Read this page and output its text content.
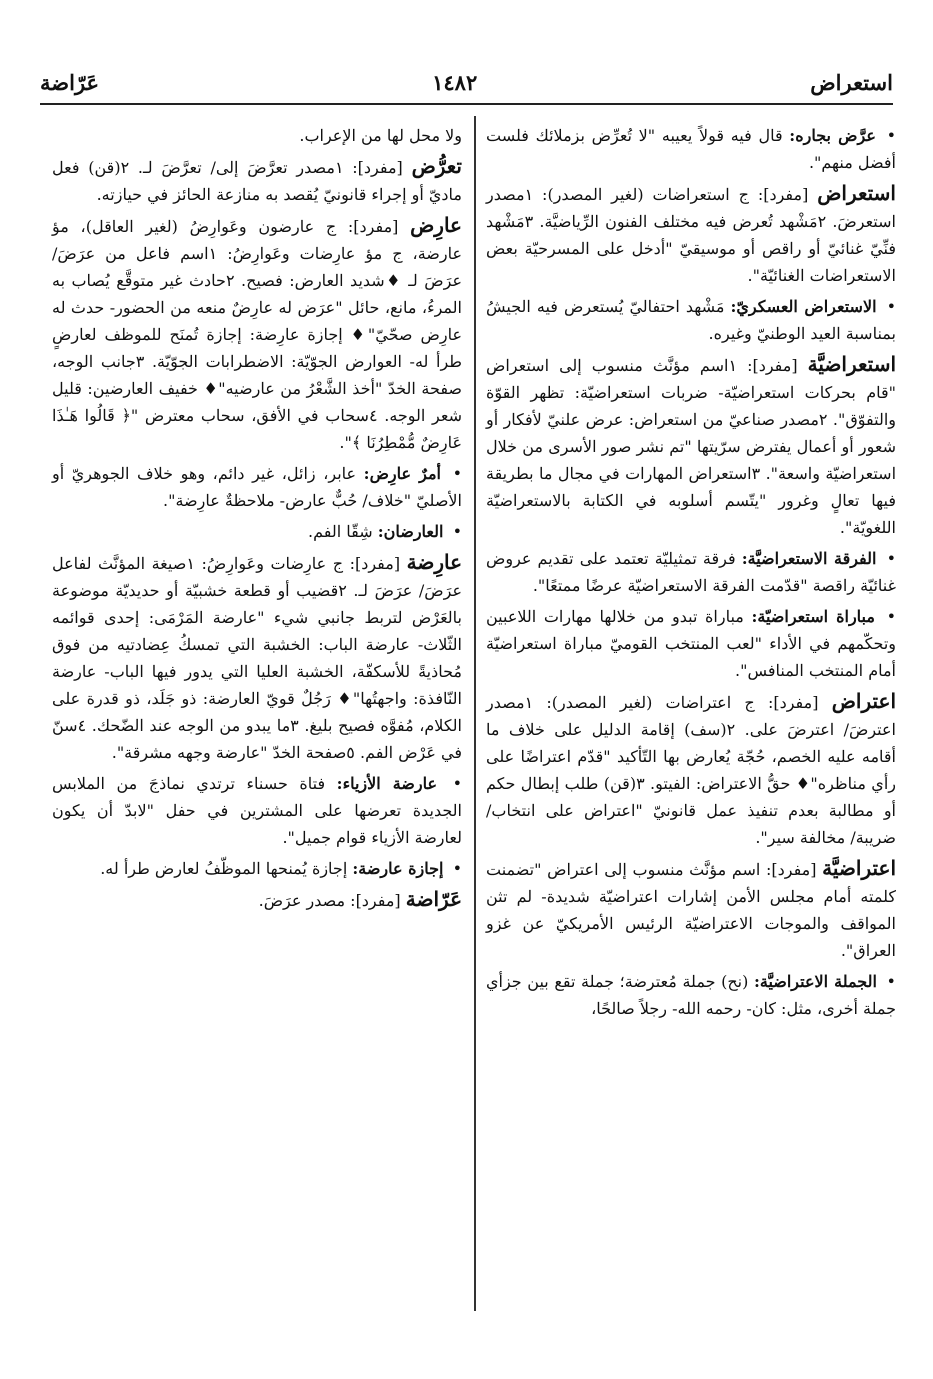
استعراض
١٤٨٢
عَرّاضة

• عرَّض بجاره: قال فيه قولاً يعيبه "لا تُعرِّض بزملائك فلست أفضل منهم".

استعراض [مفرد]: ج استعراضات (لغير المصدر): ١مصدر استعرضَ. ٢مَشْهد تُعرض فيه مختلف الفنون الرِّياضيَّة. ٣مَشْهد فنِّيّ غنائيّ أو راقص أو موسيقيّ "أدخل على المسرحيّة بعض الاستعراضات الغنائيّة".

• الاستعراض العسكريّ: مَشْهد احتفاليّ يُستعرض فيه الجيشُ بمناسبة العيد الوطنيّ وغيره.

استعراضيَّة [مفرد]: ١اسم مؤنَّث منسوب إلى استعراض "قام بحركات استعراضيّة- ضربات استعراضيّة: تظهر القوّة والتفوّق". ٢مصدر صناعيّ من استعراض: عرض علنيّ لأفكار أو شعور أو أعمال يفترض سرّيتها "تم نشر صور الأسرى من خلال استعراضيّة واسعة". ٣استعراض المهارات في مجال ما بطريقة فيها تعالٍ وغرور "يتّسم أسلوبه في الكتابة بالاستعراضيّة اللغويّة".

• الفرقة الاستعراضيَّة: فرقة تمثيليّة تعتمد على تقديم عروض غنائيّة راقصة "قدّمت الفرقة الاستعراضيّة عرضًا ممتعًا".

• مباراة استعراضيّة: مباراة تبدو من خلالها مهارات اللاعبين وتحكّمهم في الأداء "لعب المنتخب القوميّ مباراة استعراضيّة أمام المنتخب المنافس".

اعتراض [مفرد]: ج اعتراضات (لغير المصدر): ١مصدر اعترضَ/ اعترضَ على. ٢(سف) إقامة الدليل على خلاف ما أقامه عليه الخصم، حُجّة يُعارض بها التّأكيد "قدّم اعتراضًا على رأي مناظره"♦ حقُّ الاعتراض: الفيتو. ٣(قن) طلب إبطال حكم أو مطالبة بعدم تنفيذ عمل قانونيّ "اعتراض على انتخاب/ ضريبة/ مخالفة سير".

اعتراضيَّة [مفرد]: اسم مؤنَّث منسوب إلى اعتراض "تضمنت كلمته أمام مجلس الأمن إشارات اعتراضيّة شديدة- لم تثن المواقف والموجات الاعتراضيّة الرئيس الأمريكيّ عن غزو العراق".

• الجملة الاعتراضيَّة: (نح) جملة مُعترضة؛ جملة تقع بين جزأي جملة أخرى، مثل: كان- رحمه الله- رجلاً صالحًا،

ولا محل لها من الإعراب.

تعرُّض [مفرد]: ١مصدر تعرَّضَ إلى/ تعرَّضَ لـ. ٢(قن) فعل ماديّ أو إجراء قانونيّ يُقصد به منازعة الحائز في حيازته.

عارِض [مفرد]: ج عارضون وعَوارِضُ (لغير العاقل)، مؤ عارضة، ج مؤ عارِضات وعَوارِضُ: ١اسم فاعل من عرَضَ/ عرَضَ لـ ♦شديد العارض: فصيح. ٢حادث غير متوقَّع يُصاب به المرءُ، مانع، حائل "عرَض له عارِضٌ منعه من الحضور- حدث له عارِض صحّيّ"♦ إجازة عارِضة: إجازة تُمنَح للموظف لعارضٍ طرأ له- العوارض الجوّيّة: الاضطرابات الجوّيّة. ٣جانب الوجه، صفحة الخدّ "أخذ الشَّعْرُ من عارضيه"♦ خفيف العارضين: قليل شعر الوجه. ٤سحاب في الأفق، سحاب معترض "﴿ قَالُوا هَـٰذَا عَارِضٌ مُّمْطِرُنَا ﴾".

• أمرٌ عارِض: عابر، زائل، غير دائم، وهو خلاف الجوهريّ أو الأصليّ "خلاف/ حُبٌّ عارض- ملاحظةٌ عارِضة".

• العارضان: شِقّا الفم.

عارِضة [مفرد]: ج عارِضات وعَوارِضُ: ١صيغة المؤنَّث لفاعل عرَضَ/ عرَضَ لـ. ٢قضيب أو قطعة خشبيّة أو حديديّة موضوعة بالعَرْض لتربط جانبي شيء "عارضة المَرْمَى: إحدى قوائمه الثّلاث- عارضة الباب: الخشبة التي تمسكُ عِضادتيه من فوق مُحاذيةً للأسكفّة، الخشبة العليا التي يدور فيها الباب- عارضة النّافذة: واجهتُها"♦ رَجُلٌ قويّ العارضة: ذو جَلَد، ذو قدرة على الكلام، مُفوَّه فصيح بليغ. ٣ما يبدو من الوجه عند الضّحك. ٤سنّ في عَرْض الفم. ٥صفحة الخدّ "عارضة وجهه مشرقة".

• عارضة الأزياء: فتاة حسناء ترتدي نماذجَ من الملابس الجديدة تعرضها على المشترين في حفل "لابدّ أن يكون لعارضة الأزياء قوام جميل".

• إجازة عارضة: إجازة يُمنحها الموظّفُ لعارض طرأ له.

عَرّاضة [مفرد]: مصدر عرَضَ.
